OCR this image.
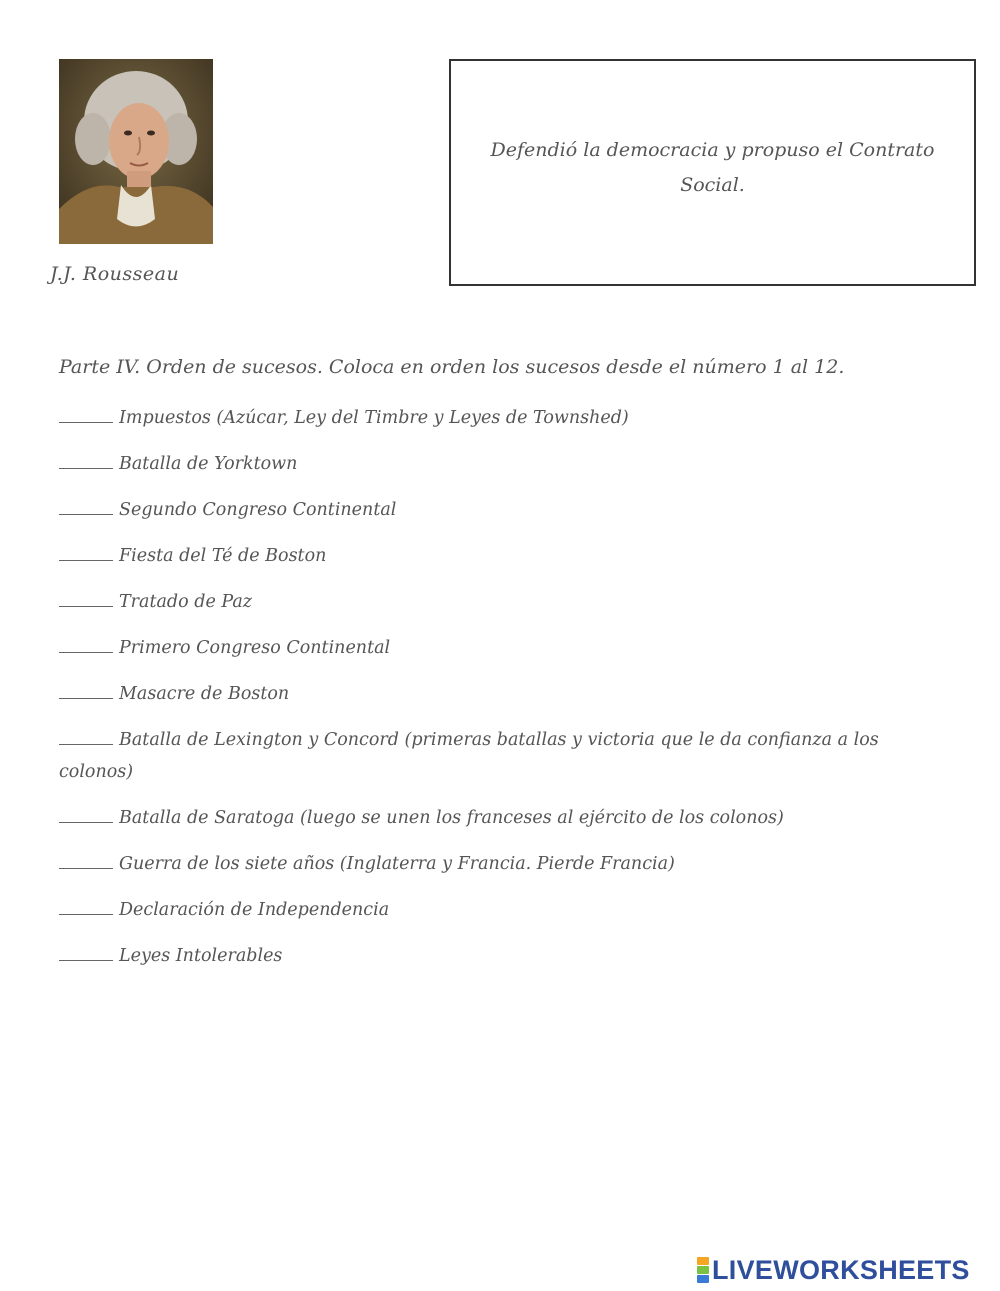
J.J. Rousseau
Defendió la democracia y propuso el Contrato Social.
Parte IV. Orden de sucesos. Coloca en orden los sucesos desde el número 1 al 12.
Impuestos (Azúcar, Ley del Timbre y Leyes de Townshed)
Batalla de Yorktown
Segundo Congreso Continental
Fiesta del Té de Boston
Tratado de Paz
Primero Congreso Continental
Masacre de Boston
Batalla de Lexington y Concord (primeras batallas y victoria que le da confianza a los colonos)
Batalla de Saratoga (luego se unen los franceses al ejército de los colonos)
Guerra de los siete años (Inglaterra y Francia. Pierde Francia)
Declaración de Independencia
Leyes Intolerables
LIVEWORKSHEETS
